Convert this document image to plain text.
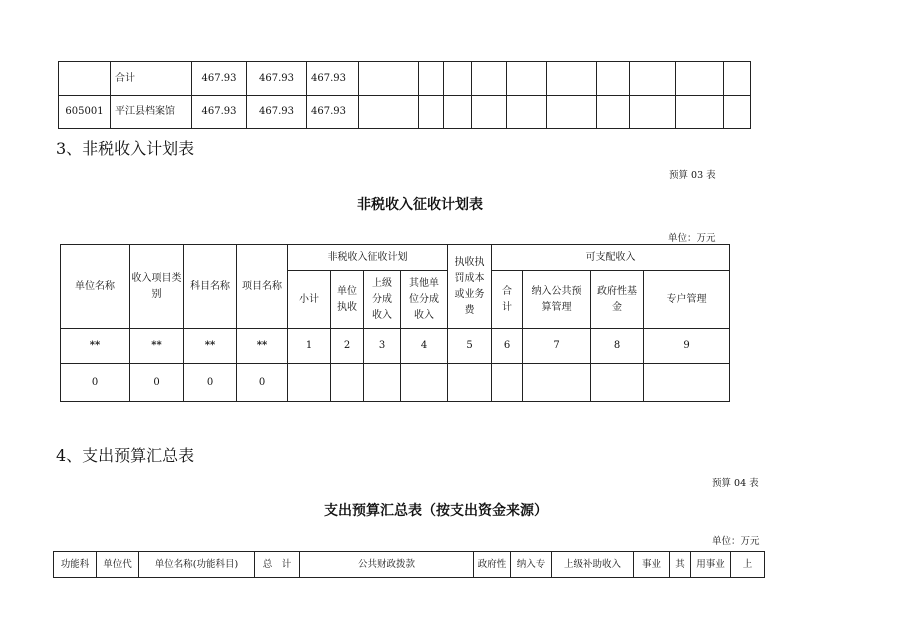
	合计	467.93	467.93	467.93										
605001	平江县档案馆	467.93	467.93	467.93										
3、非税收入计划表
预算 03 表
非税收入征收计划表
单位：万元
单位名称	收入项目类别	科目名称	项目名称	非税收入征收计划				执收执罚成本或业务费	可支配收入			
				小计	单位执收	上级分成收入	其他单位分成收入		合计	纳入公共预算管理	政府性基金	专户管理
**	**	**	**	1	2	3	4	5	6	7	8	9
0	0	0	0									
4、支出预算汇总表
预算 04 表
支出预算汇总表（按支出资金来源）
单位：万元
功能科	单位代	单位名称(功能科目)	总　计	公共财政拨款	政府性	纳入专	上级补助收入	事业	其	用事业	上
